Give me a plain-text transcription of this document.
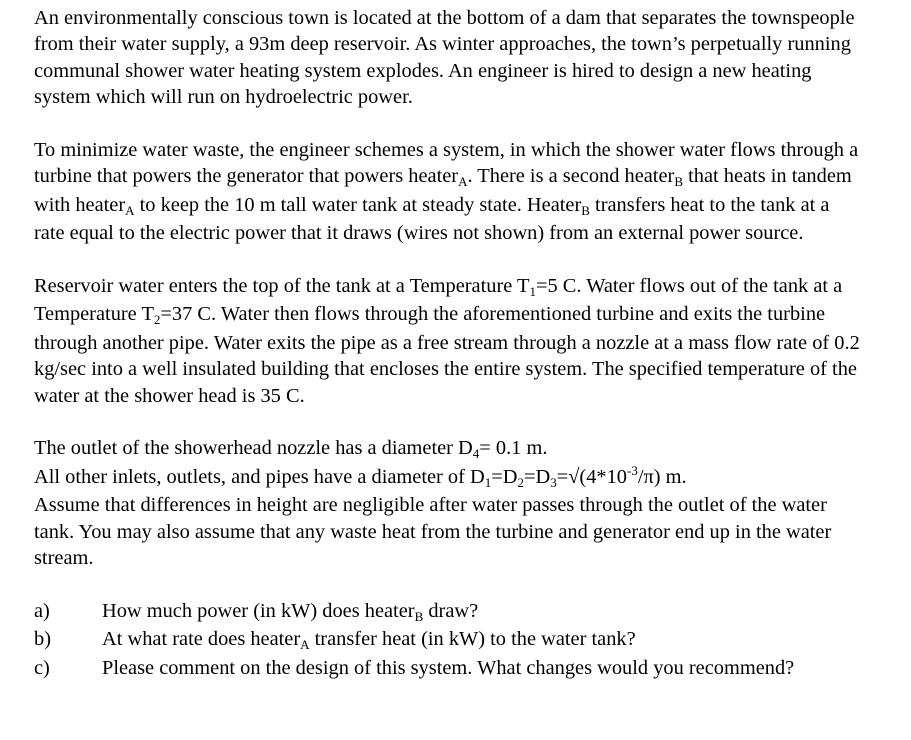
An environmentally conscious town is located at the bottom of a dam that separates the townspeople from their water supply, a 93m deep reservoir. As winter approaches, the town’s perpetually running communal shower water heating system explodes. An engineer is hired to design a new heating system which will run on hydroelectric power.

To minimize water waste, the engineer schemes a system, in which the shower water flows through a turbine that powers the generator that powers heaterA. There is a second heaterB that heats in tandem with heaterA to keep the 10 m tall water tank at steady state. HeaterB transfers heat to the tank at a rate equal to the electric power that it draws (wires not shown) from an external power source.

Reservoir water enters the top of the tank at a Temperature T1=5 C. Water flows out of the tank at a Temperature T2=37 C. Water then flows through the aforementioned turbine and exits the turbine through another pipe. Water exits the pipe as a free stream through a nozzle at a mass flow rate of 0.2 kg/sec into a well insulated building that encloses the entire system. The specified temperature of the water at the shower head is 35 C.

The outlet of the showerhead nozzle has a diameter D4= 0.1 m.
All other inlets, outlets, and pipes have a diameter of $D1=D2=D3=√(4*10^{-3}/\pi)$ m.
Assume that differences in height are negligible after water passes through the outlet of the water tank. You may also assume that any waste heat from the turbine and generator end up in the water stream.
a)	How much power (in kW) does heaterB draw?
b)	At what rate does heaterA transfer heat (in kW) to the water tank?
c)	Please comment on the design of this system. What changes would you recommend?
